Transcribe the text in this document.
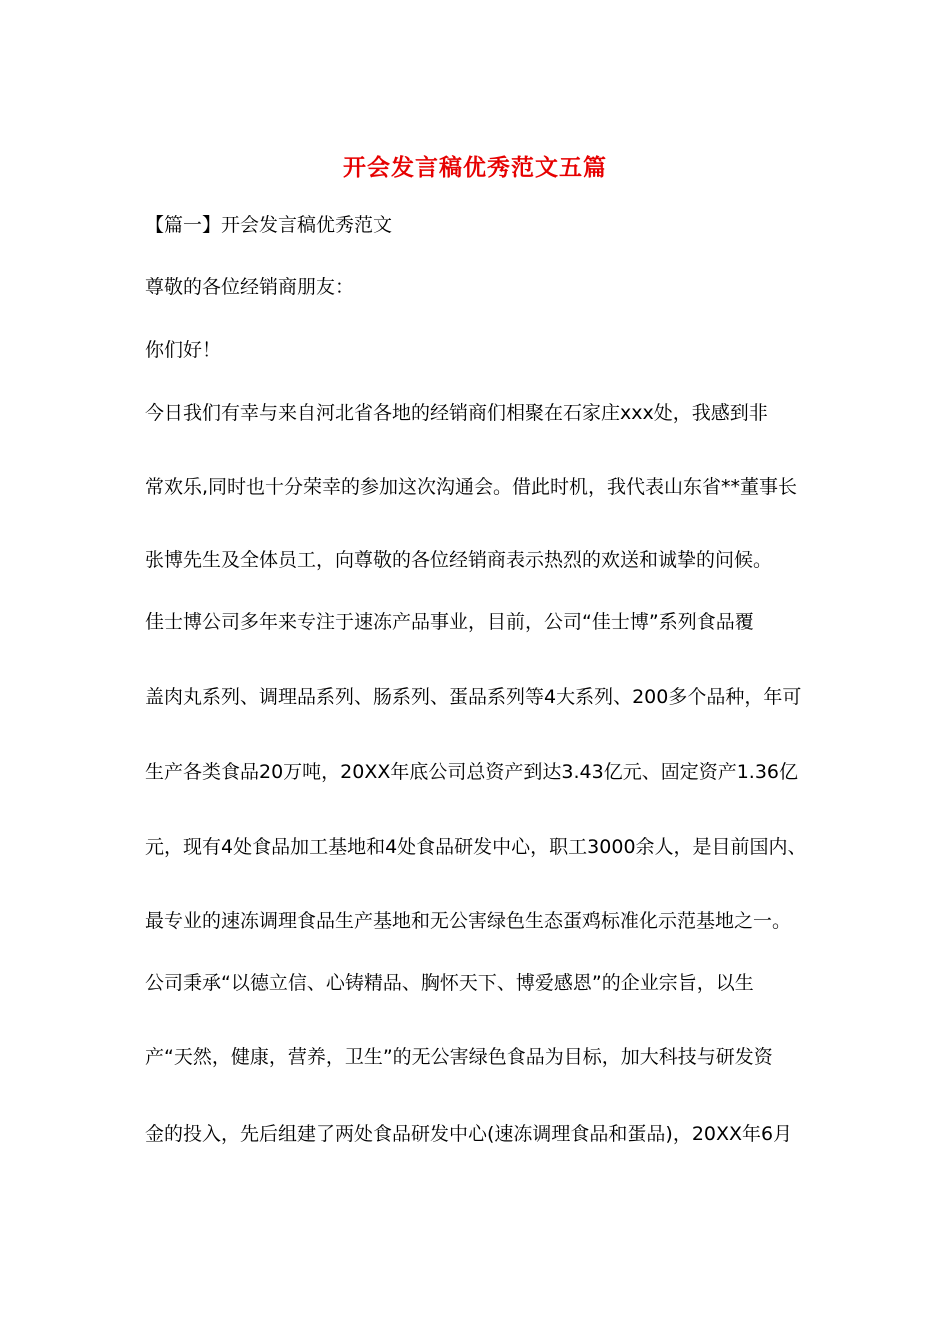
开会发言稿优秀范文五篇
【篇一】开会发言稿优秀范文
尊敬的各位经销商朋友：
你们好！
今日我们有幸与来自河北省各地的经销商们相聚在石家庄xxx处，我感到非
常欢乐,同时也十分荣幸的参加这次沟通会。借此时机，我代表山东省**董事长
张博先生及全体员工，向尊敬的各位经销商表示热烈的欢送和诚挚的问候。
佳士博公司多年来专注于速冻产品事业，目前，公司“佳士博”系列食品覆
盖肉丸系列、调理品系列、肠系列、蛋品系列等4大系列、200多个品种，年可
生产各类食品20万吨，20XX年底公司总资产到达3.43亿元、固定资产1.36亿
元，现有4处食品加工基地和4处食品研发中心，职工3000余人，是目前国内、
最专业的速冻调理食品生产基地和无公害绿色生态蛋鸡标准化示范基地之一。
公司秉承“以德立信、心铸精品、胸怀天下、博爱感恩”的企业宗旨，以生
产“天然，健康，营养，卫生”的无公害绿色食品为目标，加大科技与研发资
金的投入，先后组建了两处食品研发中心(速冻调理食品和蛋品)，20XX年6月
